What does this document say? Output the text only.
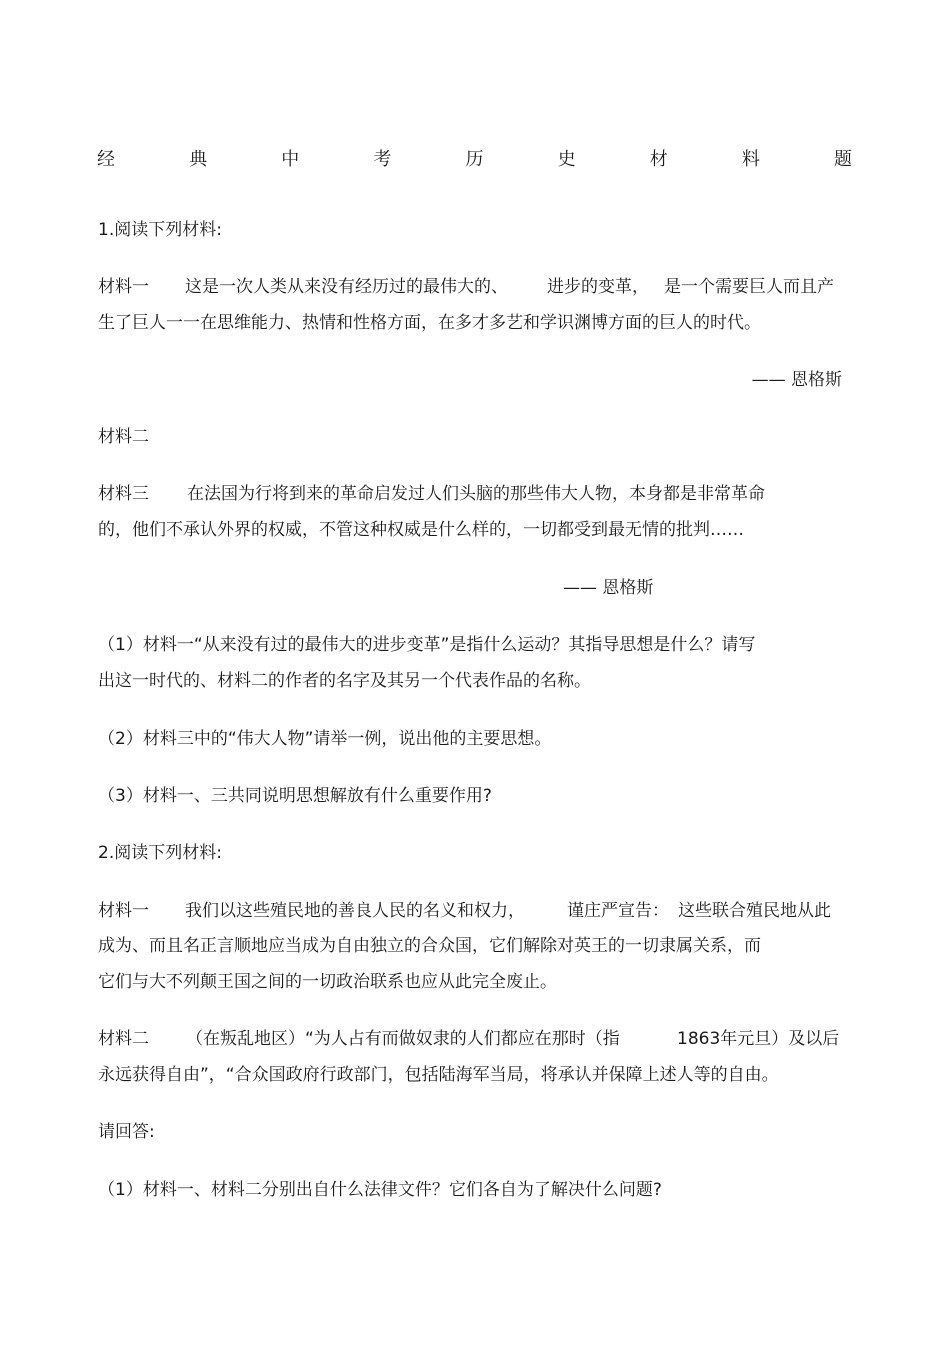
经	典	中	考	历	史	材	料	题
1.阅读下列材料:
材料一 这是一次人类从来没有经历过的最伟大的、 进步的变革， 是一个需要巨人而且产
生了巨人一一在思维能力、热情和性格方面，在多才多艺和学识渊博方面的巨人的时代。
—— 恩格斯
材料二
材料三 在法国为行将到来的革命启发过人们头脑的那些伟大人物，本身都是非常革命
的，他们不承认外界的权威，不管这种权威是什么样的，一切都受到最无情的批判……
—— 恩格斯
（1）材料一“从来没有过的最伟大的进步变革”是指什么运动？其指导思想是什么？请写
出这一时代的、材料二的作者的名字及其另一个代表作品的名称。
（2）材料三中的“伟大人物”请举一例，说出他的主要思想。
（3）材料一、三共同说明思想解放有什么重要作用?
2.阅读下列材料:
材料一 我们以这些殖民地的善良人民的名义和权力， 谨庄严宣告： 这些联合殖民地从此
成为、而且名正言顺地应当成为自由独立的合众国，它们解除对英王的一切隶属关系，而
它们与大不列颠王国之间的一切政治联系也应从此完全废止。
材料二 （在叛乱地区）“为人占有而做奴隶的人们都应在那时（指	1863年元旦）及以后
永远获得自由”，“合众国政府行政部门，包括陆海军当局，将承认并保障上述人等的自由。
请回答:
（1）材料一、材料二分别出自什么法律文件？它们各自为了解决什么问题?
